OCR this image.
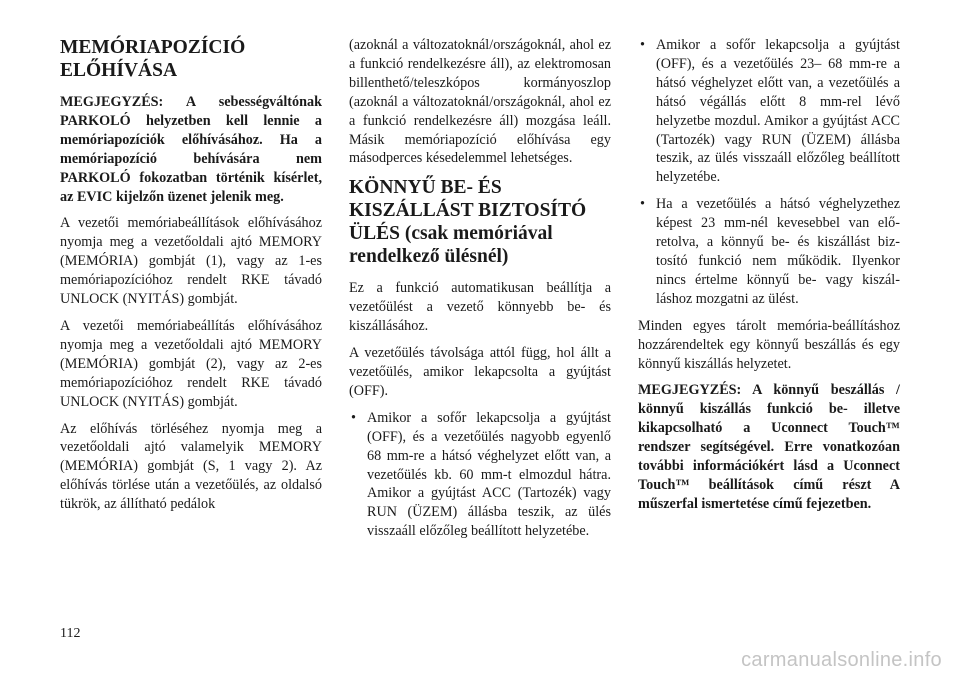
MEMÓRIAPOZÍCIÓ ELŐHÍVÁSA

MEGJEGYZÉS: A sebességváltónak PARKOLÓ helyzetben kell lennie a memóriapozíciók előhívásához. Ha a memóriapozíció behívására nem PARKOLÓ fokozatban történik kísérlet, az EVIC kijelzőn üzenet jelenik meg.

A vezetői memóriabeállítások előhívásához nyomja meg a vezetőoldali ajtó MEMORY (MEMÓRIA) gombját (1), vagy az 1-es memóriapozícióhoz rendelt RKE távadó UNLOCK (NYITÁS) gombját.

A vezetői memóriabeállítás előhívásához nyomja meg a vezetőoldali ajtó MEMORY (MEMÓRIA) gombját (2), vagy az 2-es memóriapozícióhoz rendelt RKE távadó UNLOCK (NYITÁS) gombját.

Az előhívás törléséhez nyomja meg a vezetőoldali ajtó valamelyik MEMORY (MEMÓRIA) gombját (S, 1 vagy 2). Az előhívás törlése után a vezetőülés, az oldalsó tükrök, az állítható pedálok

(azoknál a változatoknál/országoknál, ahol ez a funkció rendelkezésre áll), az elektromosan billenthető/teleszkópos kormányoszlop (azoknál a változatoknál/országoknál, ahol ez a funkció rendelkezésre áll) mozgása leáll. Másik memóriapozíció előhívása egy másodperces késedelemmel lehetséges.

KÖNNYŰ BE- ÉS KISZÁLLÁST BIZTOSÍTÓ ÜLÉS (csak memóriával rendelkező ülésnél)

Ez a funkció automatikusan beállítja a vezetőülést a vezető könnyebb be- és kiszállásához.

A vezetőülés távolsága attól függ, hol állt a vezetőülés, amikor lekapcsolta a gyújtást (OFF).

• Amikor a sofőr lekapcsolja a gyújtást (OFF), és a vezetőülés nagyobb egyenlő 68 mm-re a hátsó véghelyzet előtt van, a vezetőülés kb. 60 mm-t elmozdul hátra. Amikor a gyújtást ACC (Tartozék) vagy RUN (ÜZEM) állásba teszik, az ülés visszaáll előzőleg beállított helyzetébe.
• Amikor a sofőr lekapcsolja a gyújtást (OFF), és a vezetőülés 23– 68 mm-re a hátsó véghelyzet előtt van, a vezetőülés a hátsó végállás előtt 8 mm-rel lévő helyzetbe mozdul. Amikor a gyújtást ACC (Tartozék) vagy RUN (ÜZEM) állásba teszik, az ülés visszaáll előzőleg beállított helyzetébe.
• Ha a vezetőülés a hátsó véghelyzethez képest 23 mm-nél kevesebbel van előretolva, a könnyű be- és kiszállást biztosító funkció nem működik. Ilyenkor nincs értelme könnyű be- vagy kiszálláshoz mozgatni az ülést.

Minden egyes tárolt memória-beállításhoz hozzárendeltek egy könnyű beszállás és egy könnyű kiszállás helyzetet.

MEGJEGYZÉS: A könnyű beszállás / könnyű kiszállás funkció be- illetve kikapcsolható a Uconnect Touch™ rendszer segítségével. Erre vonatkozóan további információkért lásd a Uconnect Touch™ beállítások című részt A műszerfal ismertetése című fejezetben.

112
carmanualsonline.info
